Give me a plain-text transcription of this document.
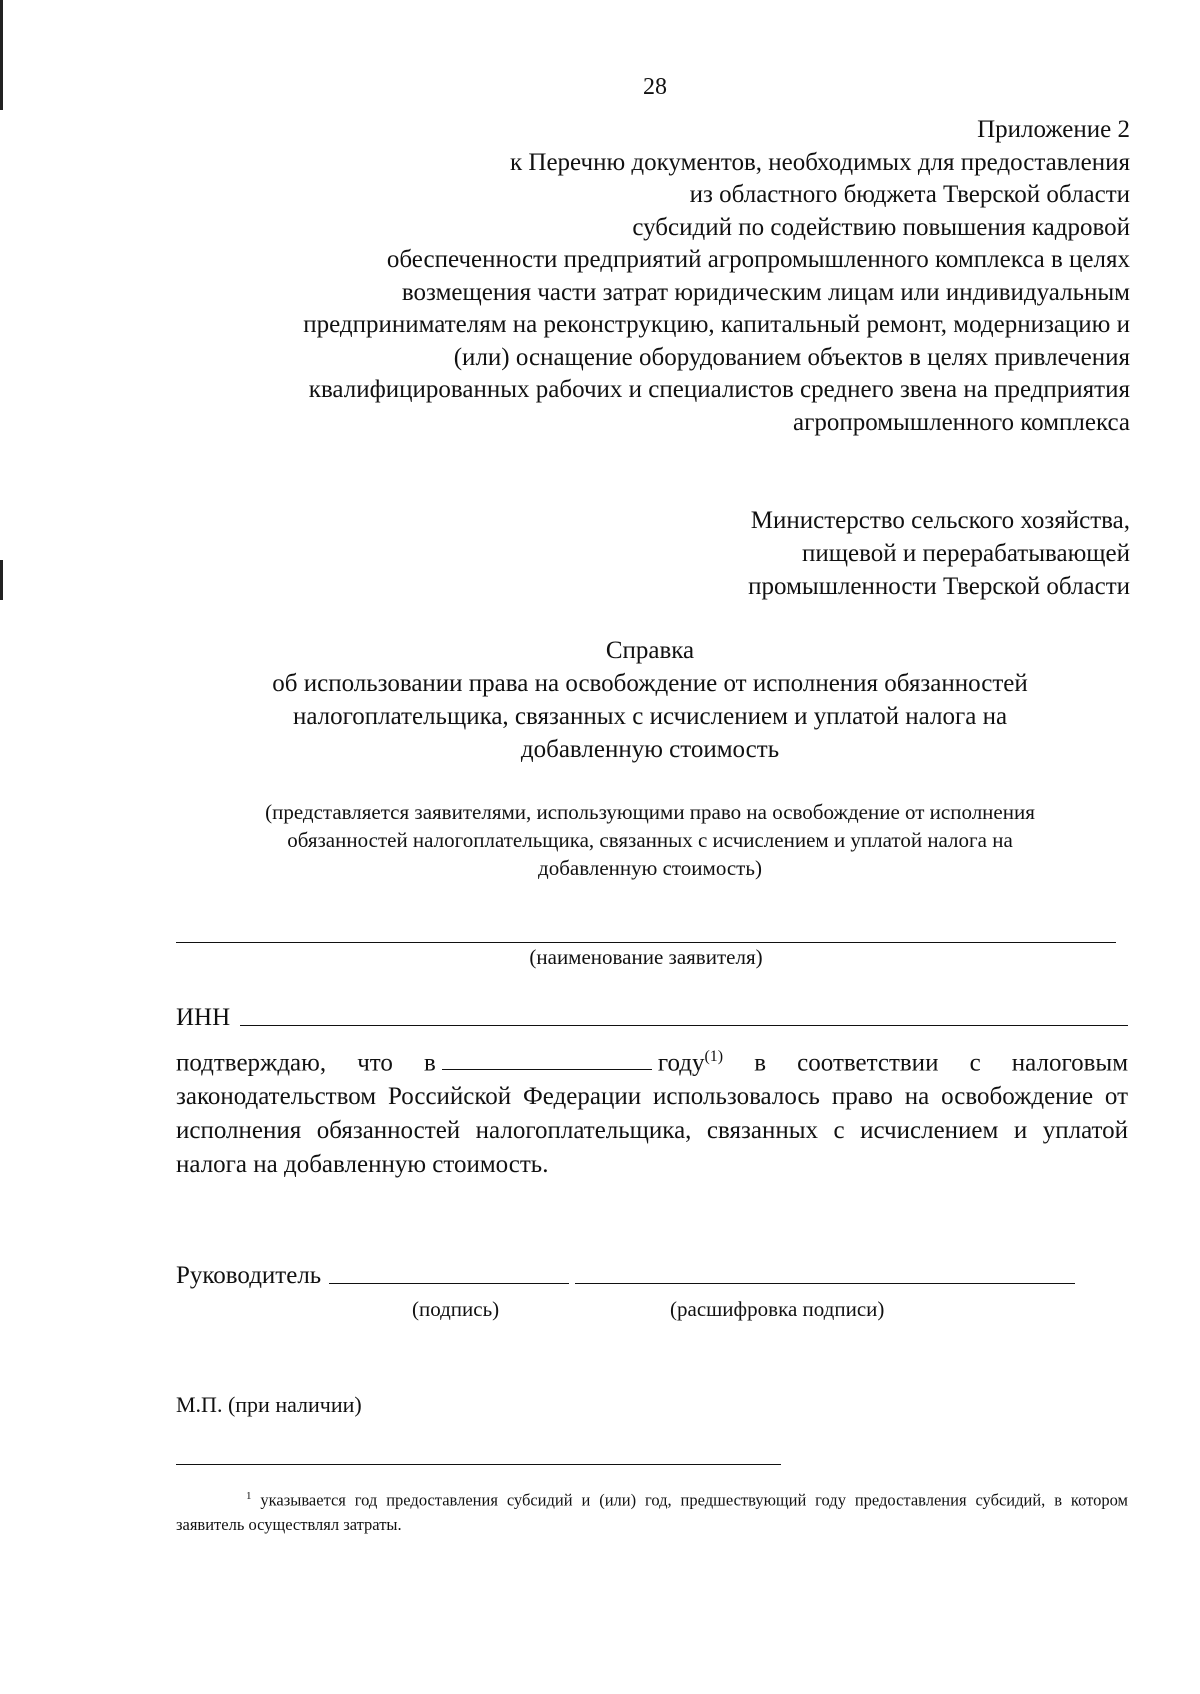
28
Приложение 2
к Перечню документов, необходимых для предоставления
из областного бюджета Тверской области
субсидий по содействию повышения кадровой
обеспеченности предприятий агропромышленного комплекса в целях
возмещения части затрат юридическим лицам или индивидуальным
предпринимателям на реконструкцию, капитальный ремонт, модернизацию и
(или) оснащение оборудованием объектов в целях привлечения
квалифицированных рабочих и специалистов среднего звена на предприятия
агропромышленного комплекса
Министерство сельского хозяйства,
пищевой и перерабатывающей
промышленности Тверской области
Справка
об использовании права на освобождение от исполнения обязанностей
налогоплательщика, связанных с исчислением и уплатой налога на
добавленную стоимость
(представляется заявителями, использующими право на освобождение от исполнения
обязанностей налогоплательщика, связанных с исчислением и уплатой налога на
добавленную стоимость)
(наименование заявителя)
ИНН
подтверждаю, что в	году$^{(1)}$ в соответствии с налоговым законодательством Российской Федерации использовалось право на освобождение от исполнения обязанностей налогоплательщика, связанных с исчислением и уплатой налога на добавленную стоимость.
Руководитель
(подпись)	(расшифровка подписи)
М.П. (при наличии)
$^1$ указывается год предоставления субсидий и (или) год, предшествующий году предоставления субсидий, в котором заявитель осуществлял затраты.
